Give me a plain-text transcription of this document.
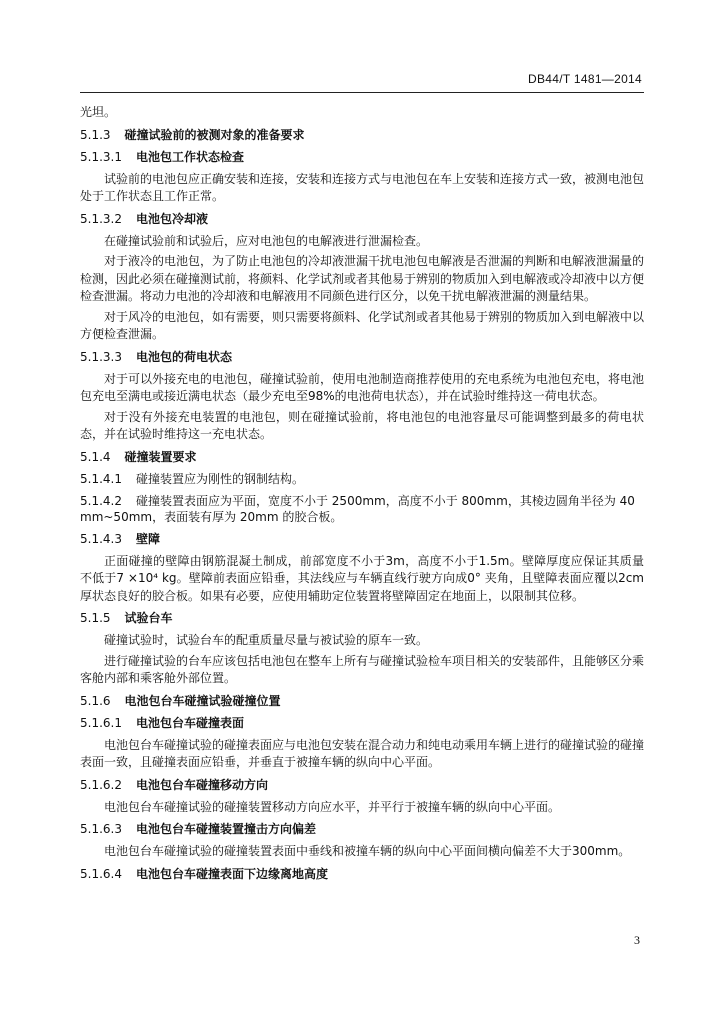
DB44/T 1481—2014

光坦。

5.1.3 碰撞试验前的被测对象的准备要求
5.1.3.1 电池包工作状态检查

试验前的电池包应正确安装和连接，安装和连接方式与电池包在车上安装和连接方式一致，被测电池包处于工作状态且工作正常。

5.1.3.2 电池包冷却液

在碰撞试验前和试验后，应对电池包的电解液进行泄漏检查。

对于液冷的电池包，为了防止电池包的冷却液泄漏干扰电池包电解液是否泄漏的判断和电解液泄漏量的检测，因此必须在碰撞测试前，将颜料、化学试剂或者其他易于辨别的物质加入到电解液或冷却液中以方便检查泄漏。将动力电池的冷却液和电解液用不同颜色进行区分，以免干扰电解液泄漏的测量结果。

对于风冷的电池包，如有需要，则只需要将颜料、化学试剂或者其他易于辨别的物质加入到电解液中以方便检查泄漏。

5.1.3.3 电池包的荷电状态

对于可以外接充电的电池包，碰撞试验前，使用电池制造商推荐使用的充电系统为电池包充电，将电池包充电至满电或接近满电状态（最少充电至98%的电池荷电状态），并在试验时维持这一荷电状态。

对于没有外接充电装置的电池包，则在碰撞试验前，将电池包的电池容量尽可能调整到最多的荷电状态，并在试验时维持这一充电状态。

5.1.4 碰撞装置要求
5.1.4.1 碰撞装置应为刚性的钢制结构。
5.1.4.2 碰撞装置表面应为平面，宽度不小于 2500mm，高度不小于 800mm，其棱边圆角半径为 40 mm~50mm，表面装有厚为 20mm 的胶合板。
5.1.4.3 壁障

正面碰撞的壁障由钢筋混凝土制成，前部宽度不小于3m，高度不小于1.5m。壁障厚度应保证其质量不低于7 ×10⁴ kg。壁障前表面应铅垂，其法线应与车辆直线行驶方向成0° 夹角，且壁障表面应覆以2cm厚状态良好的胶合板。如果有必要，应使用辅助定位装置将壁障固定在地面上，以限制其位移。

5.1.5 试验台车

碰撞试验时，试验台车的配重质量尽量与被试验的原车一致。

进行碰撞试验的台车应该包括电池包在整车上所有与碰撞试验检车项目相关的安装部件，且能够区分乘客舱内部和乘客舱外部位置。

5.1.6 电池包台车碰撞试验碰撞位置
5.1.6.1 电池包台车碰撞表面

电池包台车碰撞试验的碰撞表面应与电池包安装在混合动力和纯电动乘用车辆上进行的碰撞试验的碰撞表面一致，且碰撞表面应铅垂，并垂直于被撞车辆的纵向中心平面。

5.1.6.2 电池包台车碰撞移动方向

电池包台车碰撞试验的碰撞装置移动方向应水平，并平行于被撞车辆的纵向中心平面。

5.1.6.3 电池包台车碰撞装置撞击方向偏差

电池包台车碰撞试验的碰撞装置表面中垂线和被撞车辆的纵向中心平面间横向偏差不大于300mm。

5.1.6.4 电池包台车碰撞表面下边缘离地高度
3
